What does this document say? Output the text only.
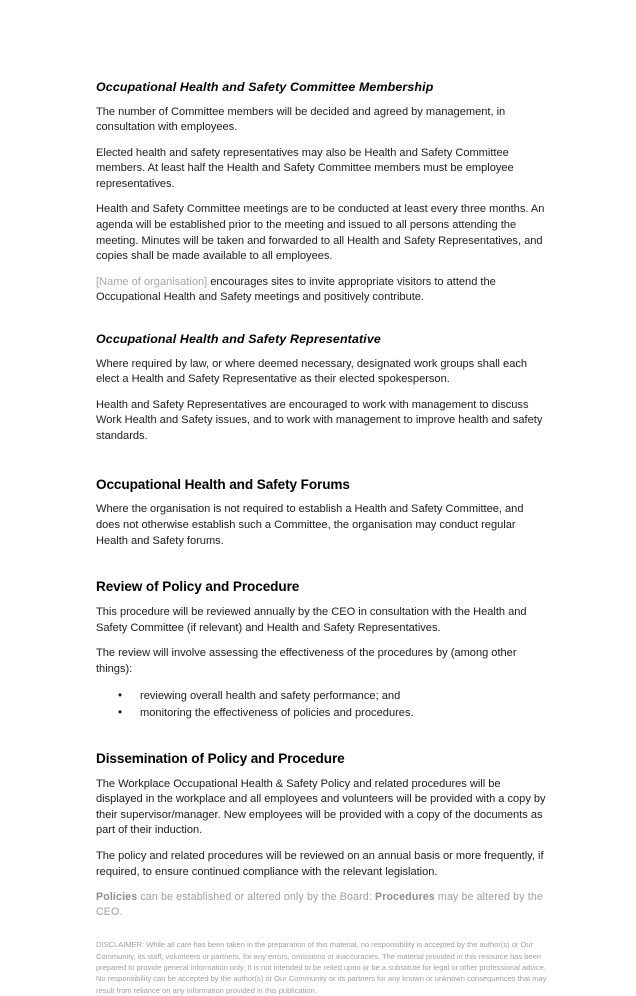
Occupational Health and Safety Committee Membership

The number of Committee members will be decided and agreed by management, in consultation with employees.

Elected health and safety representatives may also be Health and Safety Committee members. At least half the Health and Safety Committee members must be employee representatives.

Health and Safety Committee meetings are to be conducted at least every three months. An agenda will be established prior to the meeting and issued to all persons attending the meeting. Minutes will be taken and forwarded to all Health and Safety Representatives, and copies shall be made available to all employees.

[Name of organisation] encourages sites to invite appropriate visitors to attend the Occupational Health and Safety meetings and positively contribute.

Occupational Health and Safety Representative

Where required by law, or where deemed necessary, designated work groups shall each elect a Health and Safety Representative as their elected spokesperson.

Health and Safety Representatives are encouraged to work with management to discuss Work Health and Safety issues, and to work with management to improve health and safety standards.

Occupational Health and Safety Forums

Where the organisation is not required to establish a Health and Safety Committee, and does not otherwise establish such a Committee, the organisation may conduct regular Health and Safety forums.

Review of Policy and Procedure

This procedure will be reviewed annually by the CEO in consultation with the Health and Safety Committee (if relevant) and Health and Safety Representatives.

The review will involve assessing the effectiveness of the procedures by (among other things):

• reviewing overall health and safety performance; and
• monitoring the effectiveness of policies and procedures.
Dissemination of Policy and Procedure

The Workplace Occupational Health & Safety Policy and related procedures will be displayed in the workplace and all employees and volunteers will be provided with a copy by their supervisor/manager. New employees will be provided with a copy of the documents as part of their induction.

The policy and related procedures will be reviewed on an annual basis or more frequently, if required, to ensure continued compliance with the relevant legislation.

Policies can be established or altered only by the Board: Procedures may be altered by the CEO.

DISCLAIMER: While all care has been taken in the preparation of this material, no responsibility is accepted by the author(s) or Our Community, its staff, volunteers or partners, for any errors, omissions or inaccuracies. The material provided in this resource has been prepared to provide general information only. It is not intended to be relied upon or be a substitute for legal or other professional advice. No responsibility can be accepted by the author(s) or Our Community or its partners for any known or unknown consequences that may result from reliance on any information provided in this publication.
